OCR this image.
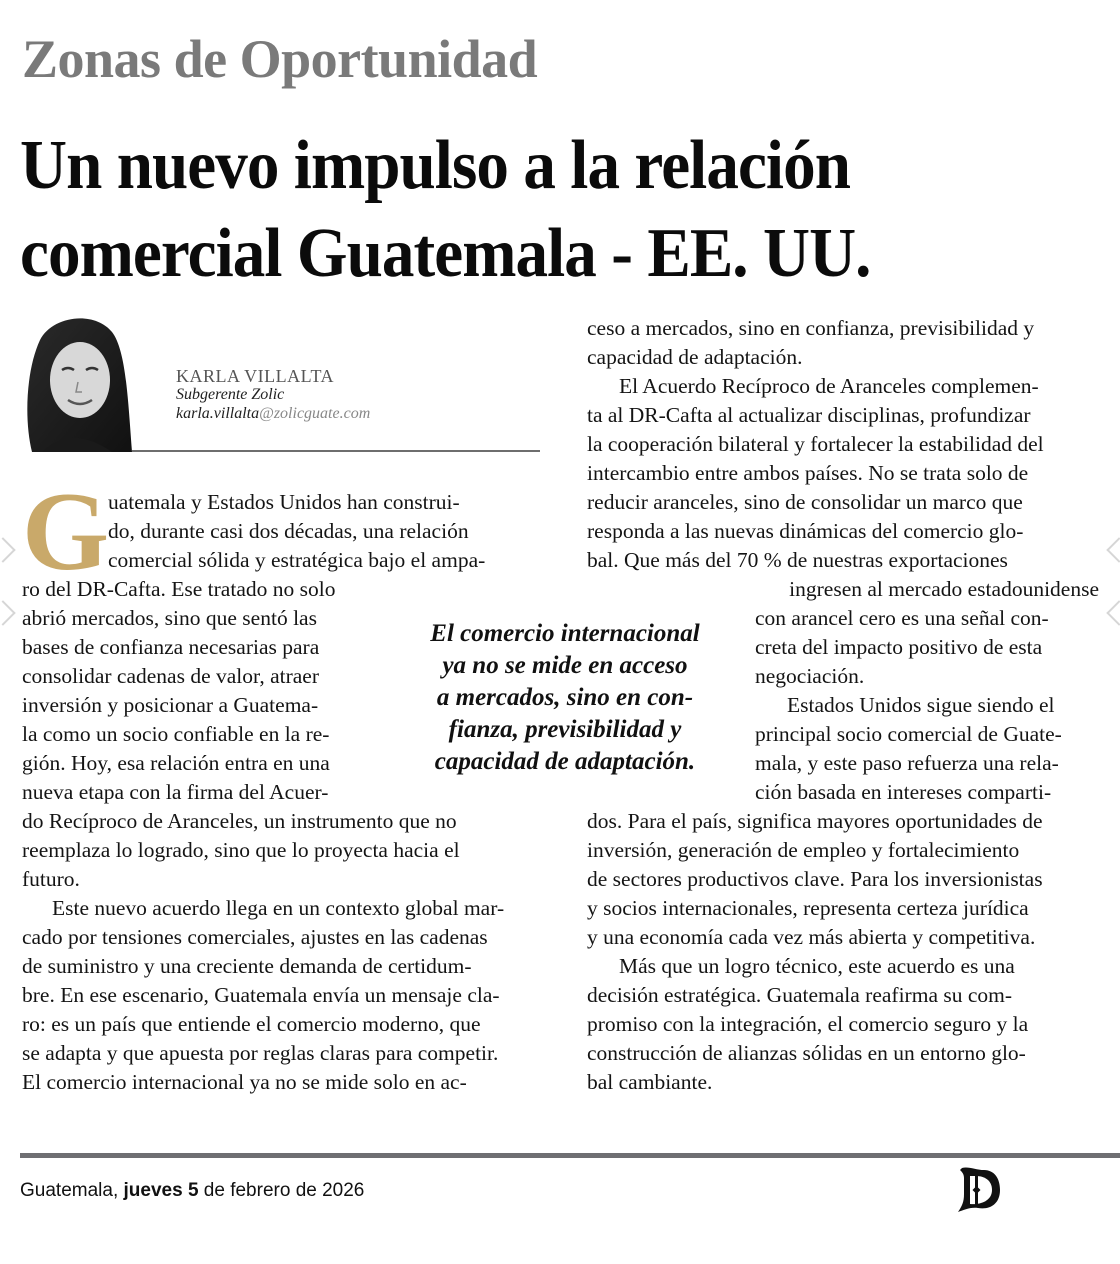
Zonas de Oportunidad
Un nuevo impulso a la relación
comercial Guatemala - EE. UU.
KARLA VILLALTA
Subgerente Zolic
karla.villalta@zolicguate.com
G
uatemala y Estados Unidos han construi-
do, durante casi dos décadas, una relación
comercial sólida y estratégica bajo el ampa-
ro del DR-Cafta. Ese tratado no solo
abrió mercados, sino que sentó las
bases de confianza necesarias para
consolidar cadenas de valor, atraer
inversión y posicionar a Guatema-
la como un socio confiable en la re-
gión. Hoy, esa relación entra en una
nueva etapa con la firma del Acuer-
do Recíproco de Aranceles, un instrumento que no
reemplaza lo logrado, sino que lo proyecta hacia el
futuro.
Este nuevo acuerdo llega en un contexto global mar-
cado por tensiones comerciales, ajustes en las cadenas
de suministro y una creciente demanda de certidum-
bre. En ese escenario, Guatemala envía un mensaje cla-
ro: es un país que entiende el comercio moderno, que
se adapta y que apuesta por reglas claras para competir.
El comercio internacional ya no se mide solo en ac-
El comercio internacional
ya no se mide en acceso
a mercados, sino en con-
fianza, previsibilidad y
capacidad de adaptación.
ceso a mercados, sino en confianza, previsibilidad y
capacidad de adaptación.
El Acuerdo Recíproco de Aranceles complemen-
ta al DR-Cafta al actualizar disciplinas, profundizar
la cooperación bilateral y fortalecer la estabilidad del
intercambio entre ambos países. No se trata solo de
reducir aranceles, sino de consolidar un marco que
responda a las nuevas dinámicas del comercio glo-
bal. Que más del 70 % de nuestras exportaciones
ingresen al mercado estadounidense
con arancel cero es una señal con-
creta del impacto positivo de esta
negociación.
Estados Unidos sigue siendo el
principal socio comercial de Guate-
mala, y este paso refuerza una rela-
ción basada en intereses comparti-
dos. Para el país, significa mayores oportunidades de
inversión, generación de empleo y fortalecimiento
de sectores productivos clave. Para los inversionistas
y socios internacionales, representa certeza jurídica
y una economía cada vez más abierta y competitiva.
Más que un logro técnico, este acuerdo es una
decisión estratégica. Guatemala reafirma su com-
promiso con la integración, el comercio seguro y la
construcción de alianzas sólidas en un entorno glo-
bal cambiante.
Guatemala, jueves 5 de febrero de 2026
